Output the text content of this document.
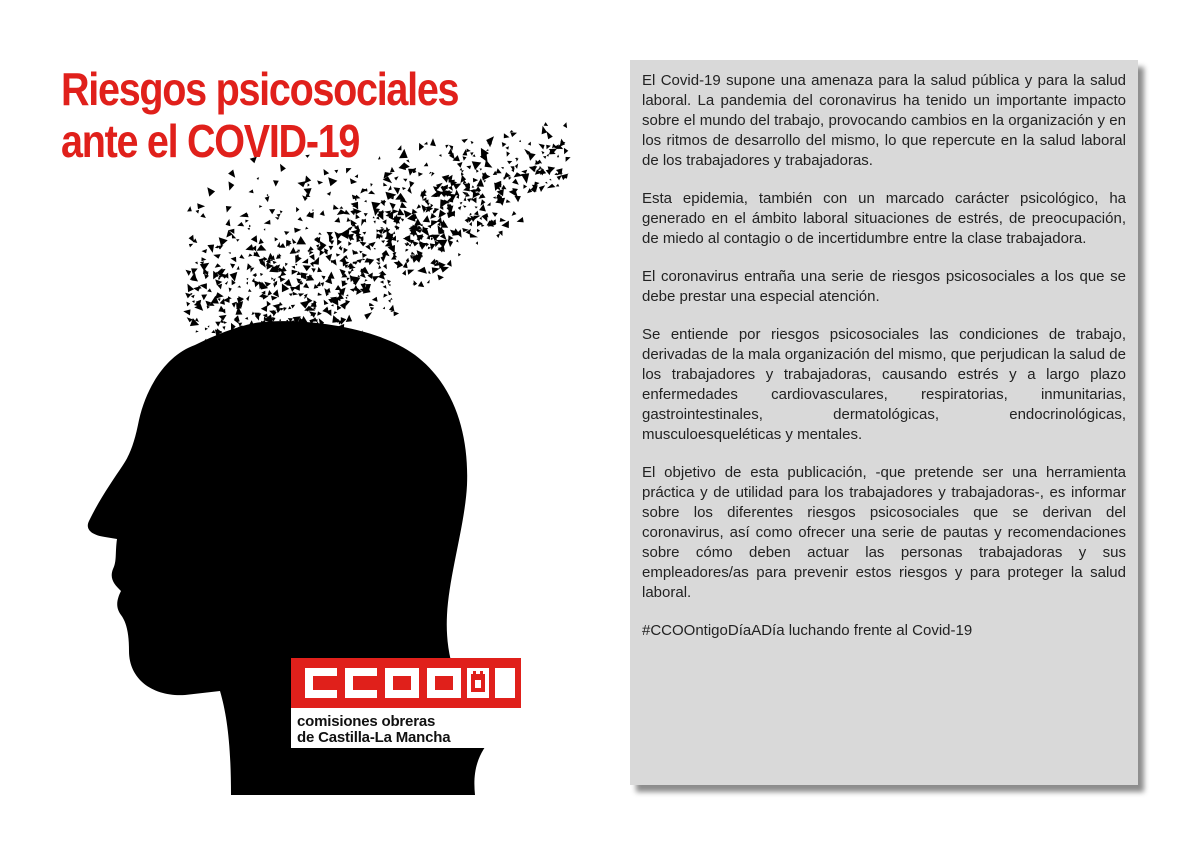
Riesgos psicosociales
ante el COVID-19
comisiones obreras
de Castilla-La Mancha

El Covid-19 supone una amenaza para la salud pública y para la salud laboral. La pandemia del coronavirus ha tenido un importante impacto sobre el mundo del trabajo, provocando cambios en la organización y en los ritmos de desarrollo del mismo, lo que repercute en la salud laboral de los trabajadores y trabajadoras.

Esta epidemia, también con un marcado carácter psicológico, ha generado en el ámbito laboral situaciones de estrés, de preocupación, de miedo al contagio o de incertidumbre entre la clase trabajadora.

El coronavirus entraña una serie de riesgos psicosociales a los que se debe prestar una especial atención.

Se entiende por riesgos psicosociales las condiciones de trabajo, derivadas de la mala organización del mismo, que perjudican la salud de los trabajadores y trabajadoras, causando estrés y a largo plazo enfermedades cardiovasculares, respiratorias, inmunitarias, gastrointestinales, dermatológicas, endocrinológicas, musculoesqueléticas y mentales.

El objetivo de esta publicación, -que pretende ser una herramienta práctica y de utilidad para los trabajadores y trabajadoras-, es informar sobre los diferentes riesgos psicosociales que se derivan del coronavirus, así como ofrecer una serie de pautas y recomendaciones sobre cómo deben actuar las personas trabajadoras y sus empleadores/as para prevenir estos riesgos y para proteger la salud laboral.

#CCOOntigoDíaADía luchando frente al Covid-19
